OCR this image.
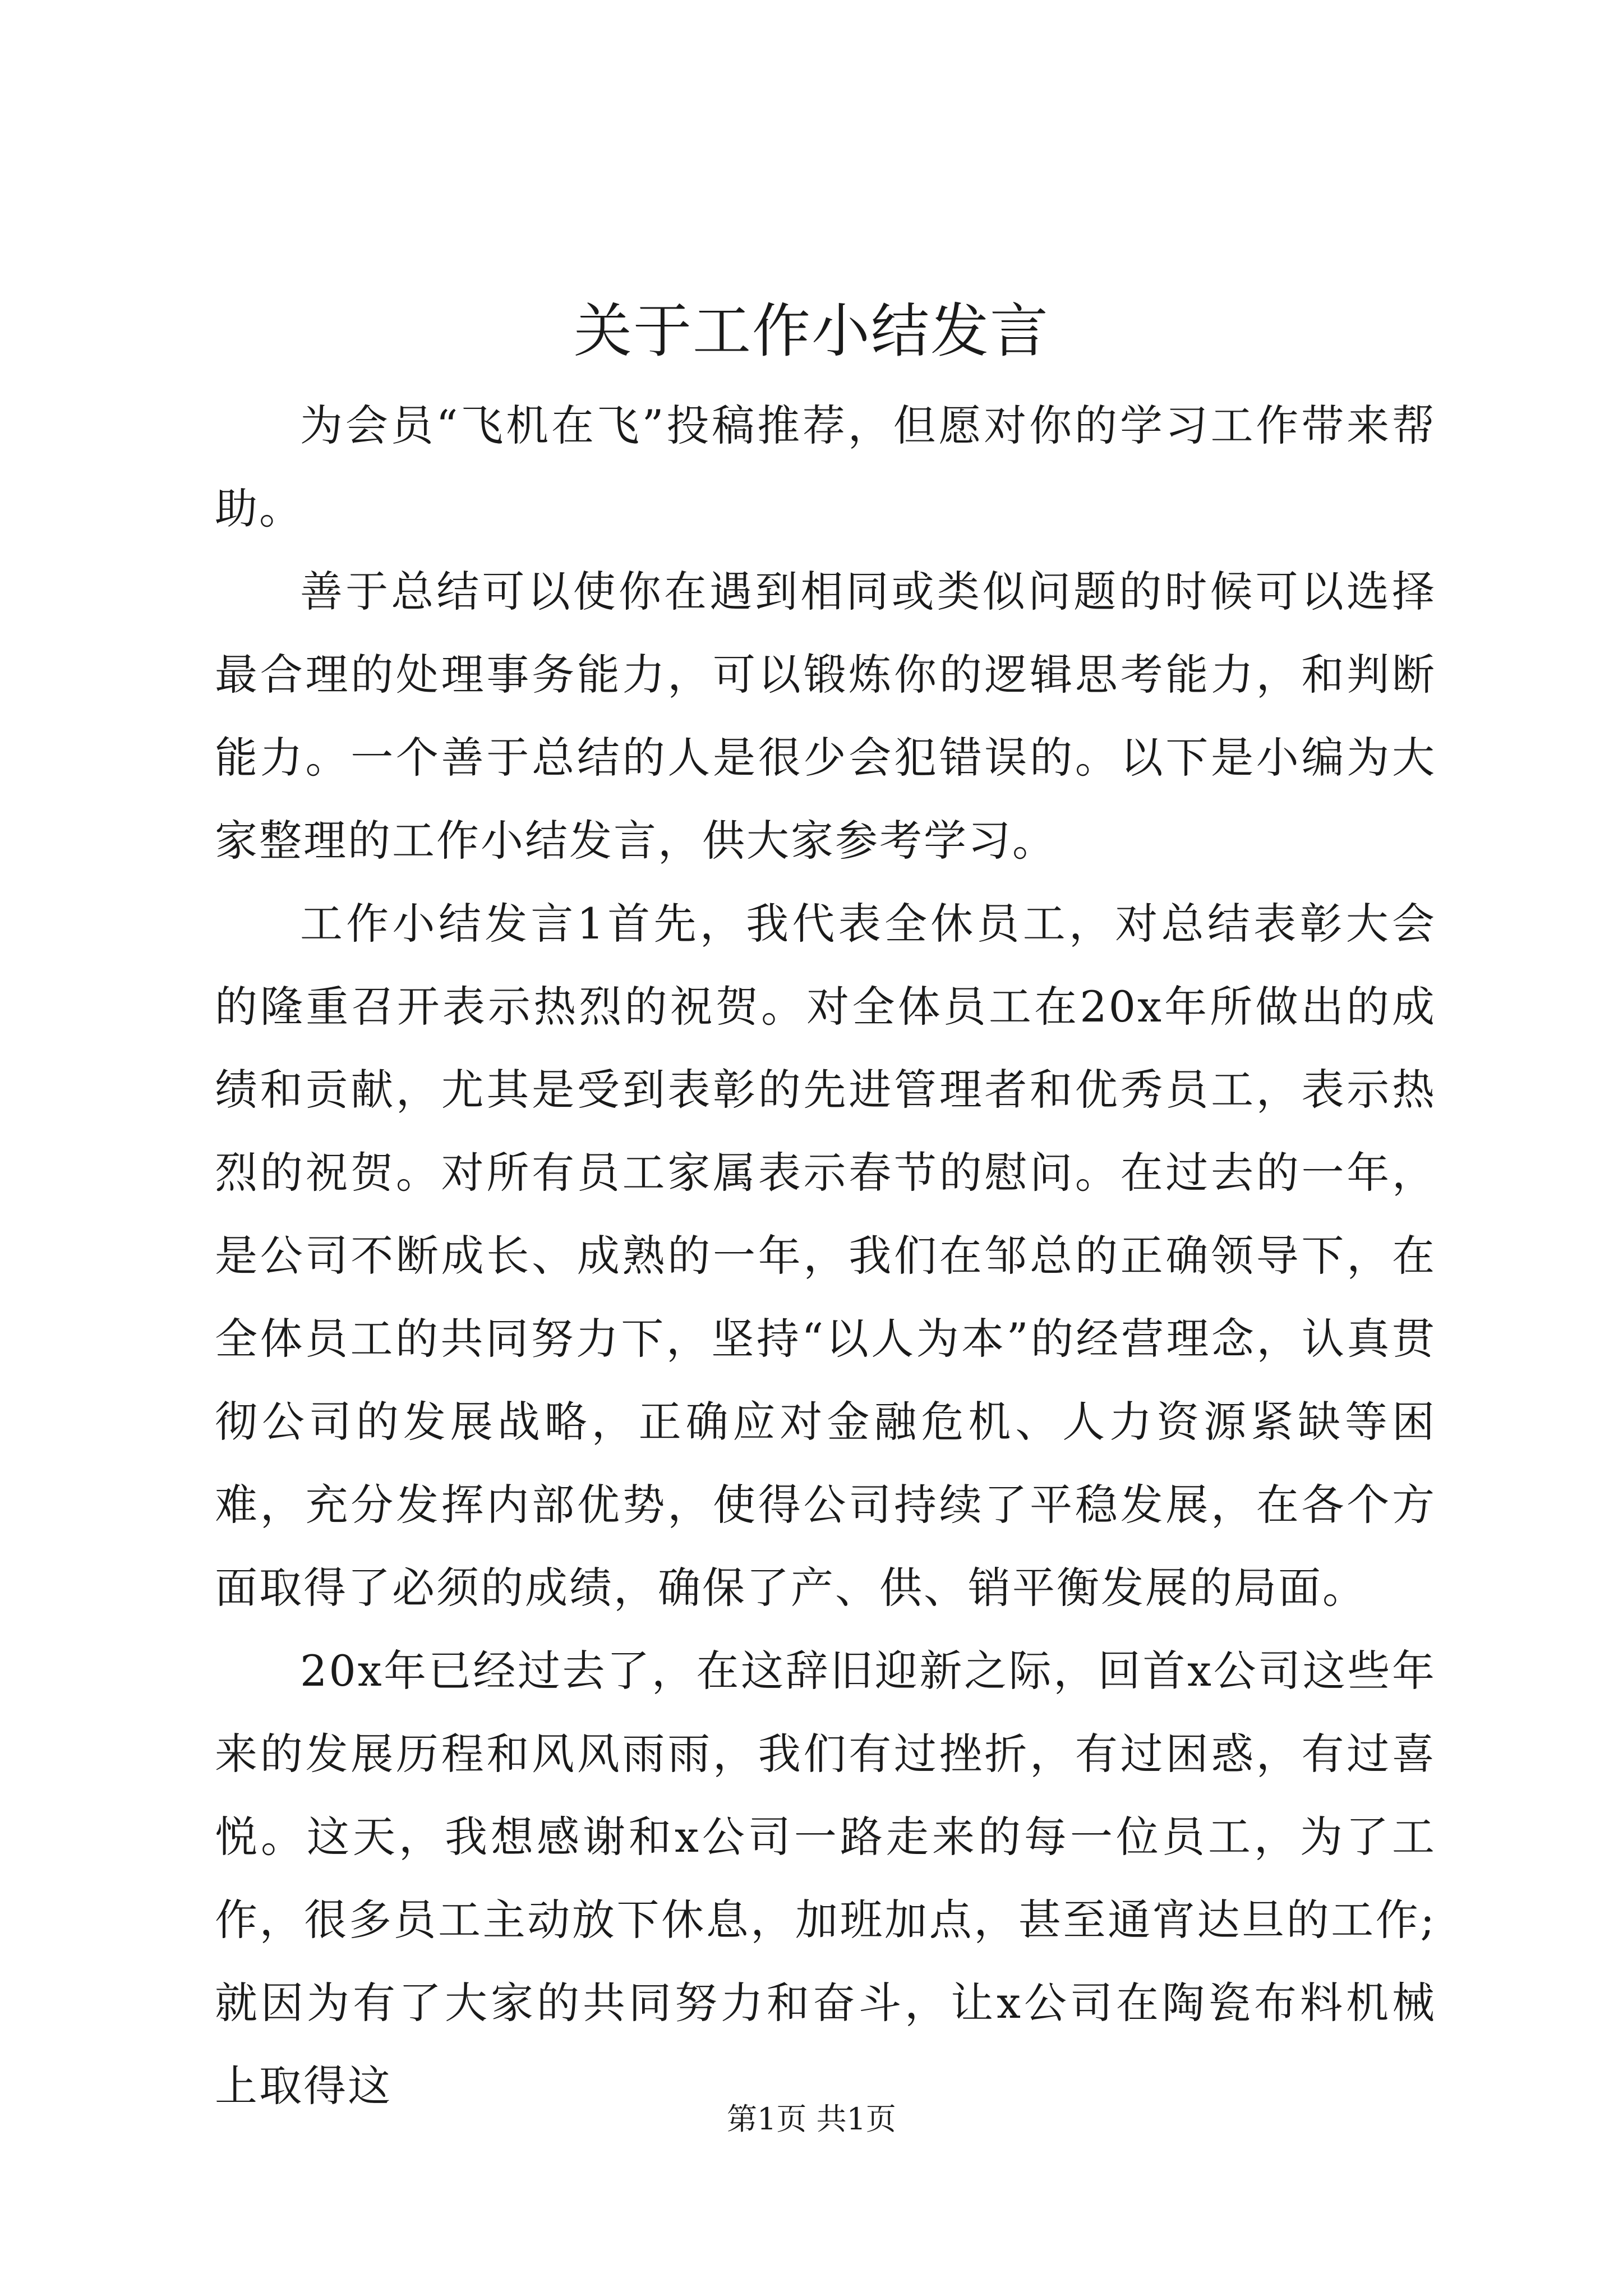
关于工作小结发言

为会员“飞机在飞”投稿推荐，但愿对你的学习工作带来帮助。

善于总结可以使你在遇到相同或类似问题的时候可以选择最合理的处理事务能力，可以锻炼你的逻辑思考能力，和判断能力。一个善于总结的人是很少会犯错误的。以下是小编为大家整理的工作小结发言，供大家参考学习。

工作小结发言1首先，我代表全休员工，对总结表彰大会的隆重召开表示热烈的祝贺。对全体员工在20x年所做出的成绩和贡献，尤其是受到表彰的先进管理者和优秀员工，表示热烈的祝贺。对所有员工家属表示春节的慰问。在过去的一年，是公司不断成长、成熟的一年，我们在邹总的正确领导下，在全体员工的共同努力下，坚持“以人为本”的经营理念，认真贯彻公司的发展战略，正确应对金融危机、人力资源紧缺等困难，充分发挥内部优势，使得公司持续了平稳发展，在各个方面取得了必须的成绩，确保了产、供、销平衡发展的局面。

20x年已经过去了，在这辞旧迎新之际，回首x公司这些年来的发展历程和风风雨雨，我们有过挫折，有过困惑，有过喜悦。这天，我想感谢和x公司一路走来的每一位员工，为了工作，很多员工主动放下休息，加班加点，甚至通宵达旦的工作;就因为有了大家的共同努力和奋斗，让x公司在陶瓷布料机械上取得这

第1页 共1页
